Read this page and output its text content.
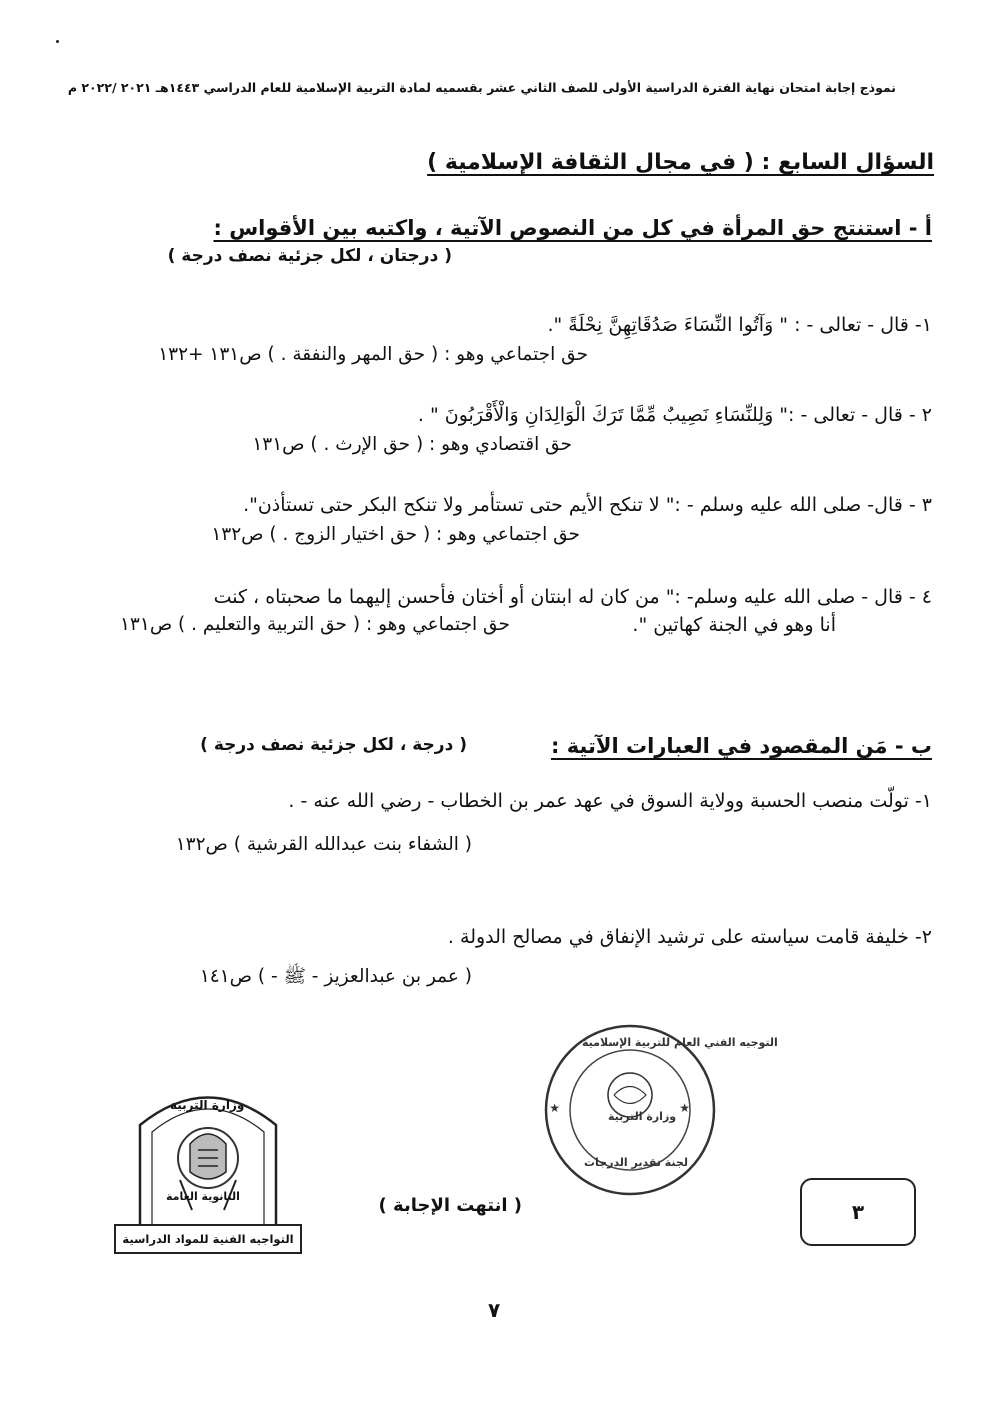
نموذج إجابة امتحان نهاية الفترة الدراسية الأولى للصف الثاني عشر بقسميه لمادة التربية الإسلامية للعام الدراسي ١٤٤٣هـ ٢٠٢١ /٢٠٢٢ م
السؤال السابع : ( في مجال الثقافة الإسلامية )
أ - استنتج حق المرأة في كل من النصوص الآتية ، واكتبه بين الأقواس :
( درجتان ، لكل جزئية نصف درجة )
١- قال - تعالى - : " وَآتُوا النِّسَاءَ صَدُقَاتِهِنَّ نِحْلَةً ".
حق اجتماعي وهو : ( حق المهر والنفقة . ) ص١٣١ +١٣٢
٢ - قال - تعالى - :" وَلِلنِّسَاءِ نَصِيبٌ مِّمَّا تَرَكَ الْوَالِدَانِ وَالْأَقْرَبُونَ " .
حق اقتصادي وهو : ( حق الإرث . ) ص١٣١
٣ - قال- صلى الله عليه وسلم - :" لا تنكح الأيم حتى تستأمر ولا تنكح البكر حتى تستأذن".
حق اجتماعي وهو : ( حق اختيار الزوج . ) ص١٣٢
٤ - قال - صلى الله عليه وسلم- :" من كان له ابنتان أو أختان فأحسن إليهما ما صحبتاه ، كنت
أنا وهو في الجنة كهاتين ".
حق اجتماعي وهو : ( حق التربية والتعليم . ) ص١٣١
ب - مَن المقصود في العبارات الآتية :
( درجة ، لكل جزئية نصف درجة )
١- تولّت منصب الحسبة وولاية السوق في عهد عمر بن الخطاب - رضي الله عنه - .
( الشفاء بنت عبدالله القرشية ) ص١٣٢
٢- خليفة قامت سياسته على ترشيد الإنفاق في مصالح الدولة .
( عمر بن عبدالعزيز - ﷺ - ) ص١٤١
وزارة التربية
الثانوية العامة
التواجيه الفنية للمواد الدراسية
★	★
التوجيه الفني العام للتربية الإسلامية
وزارة التربية
لجنة تقدير الدرجات
( انتهت الإجابة )	٣
٧
